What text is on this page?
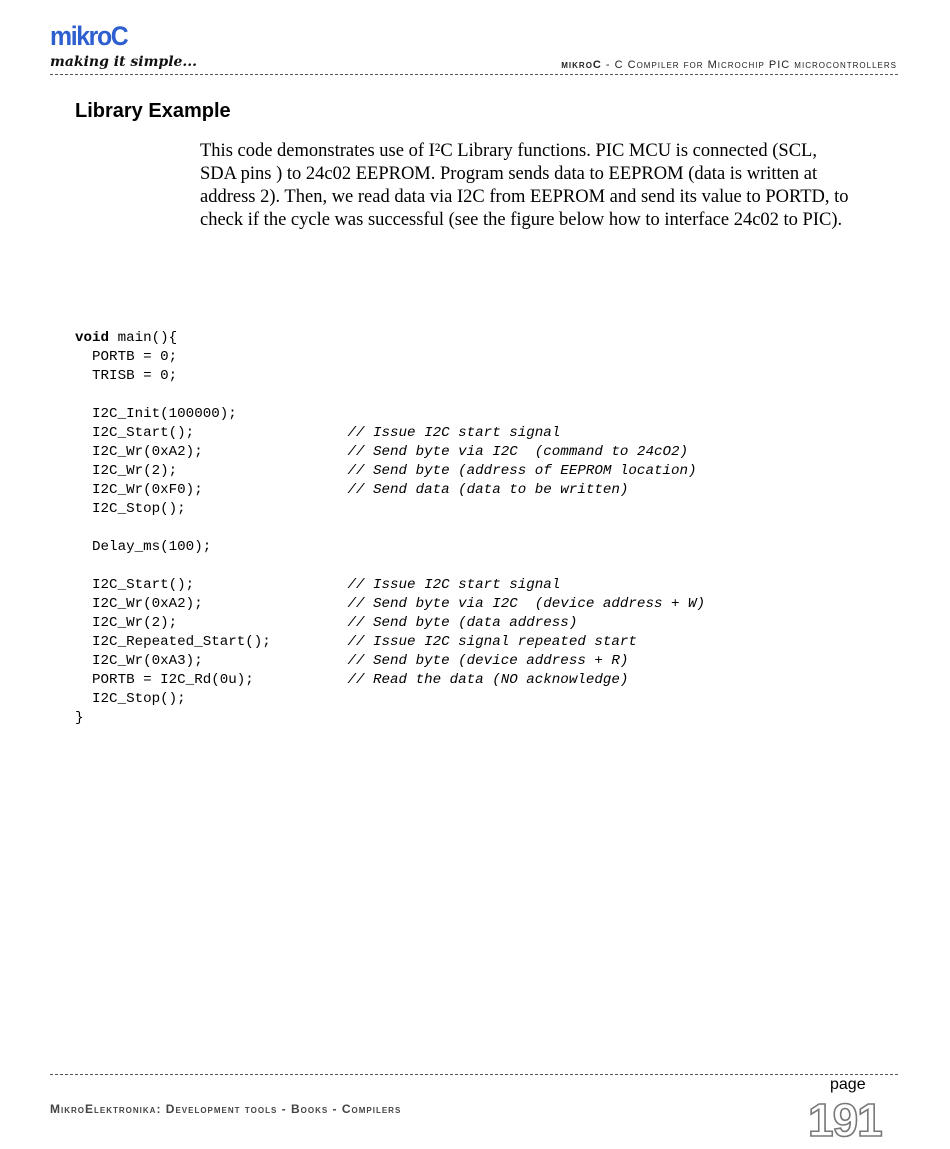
mikroC
making it simple...	mikroC - C Compiler for Microchip PIC microcontrollers
Library Example

This code demonstrates use of I²C Library functions. PIC MCU is connected (SCL, SDA pins ) to 24c02 EEPROM. Program sends data to EEPROM (data is written at address 2). Then, we read data via I2C from EEPROM and send its value to PORTD, to check if the cycle was successful (see the figure below how to interface 24c02 to PIC).

void main(){
PORTB = 0;
TRISB = 0;
I2C_Init(100000);
I2C_Start();                  // Issue I2C start signal
I2C_Wr(0xA2);                 // Send byte via I2C  (command to 24cO2)
I2C_Wr(2);                    // Send byte (address of EEPROM location)
I2C_Wr(0xF0);                 // Send data (data to be written)
I2C_Stop();
Delay_ms(100);
I2C_Start();                  // Issue I2C start signal
I2C_Wr(0xA2);                 // Send byte via I2C  (device address + W)
I2C_Wr(2);                    // Send byte (data address)
I2C_Repeated_Start();         // Issue I2C signal repeated start
I2C_Wr(0xA3);                 // Send byte (device address + R)
PORTB = I2C_Rd(0u);           // Read the data (NO acknowledge)
I2C_Stop();
}
page
191
MikroElektronika: Development tools - Books - Compilers
